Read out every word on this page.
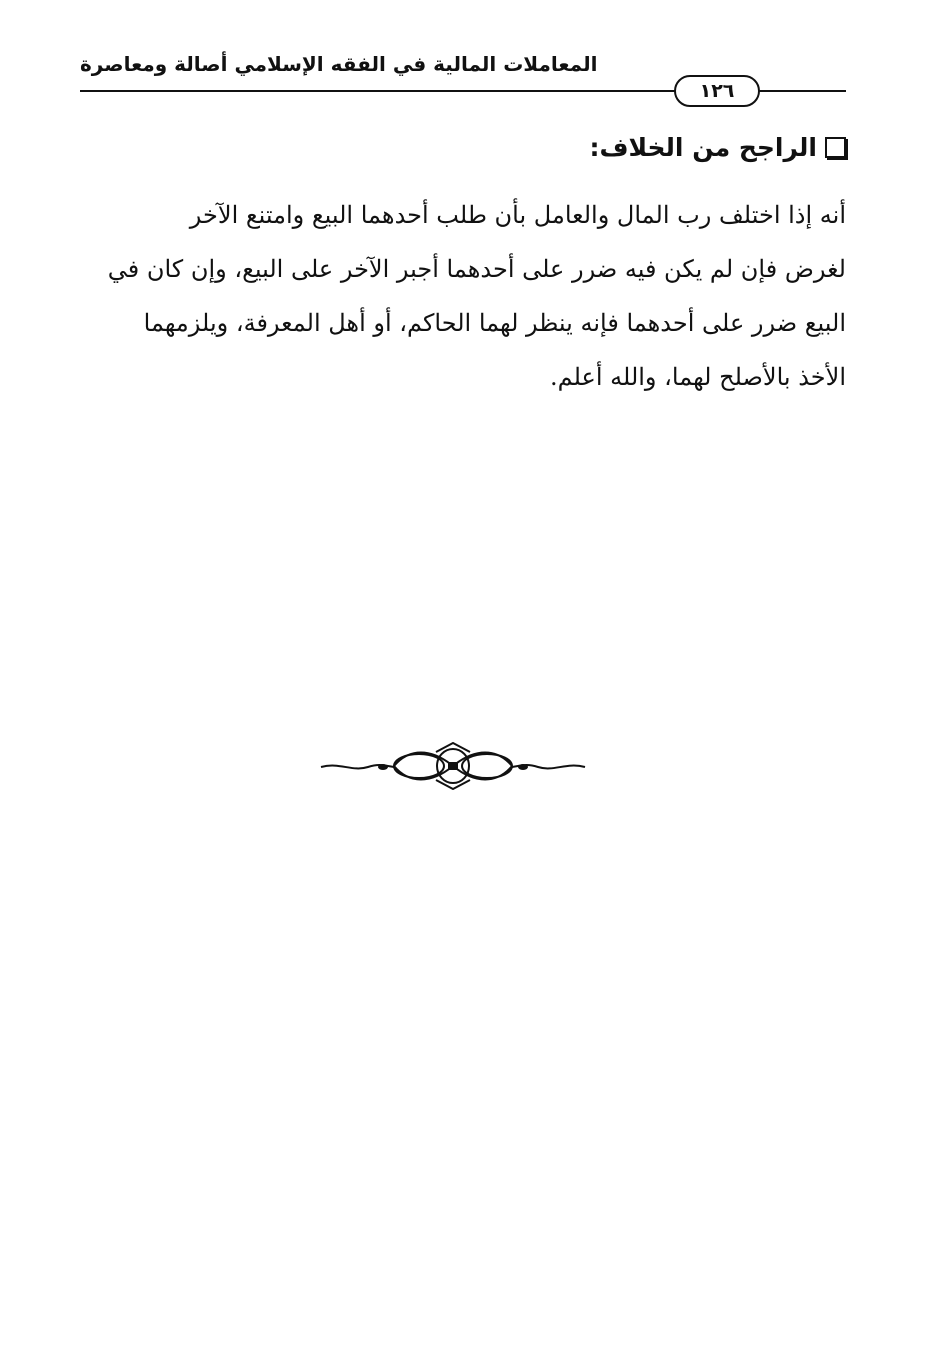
المعاملات المالية في الفقه الإسلامي أصالة ومعاصرة
١٢٦
الراجح من الخلاف:
أنه إذا اختلف رب المال والعامل بأن طلب أحدهما البيع وامتنع الآخر
لغرض فإن لم يكن فيه ضرر على أحدهما أجبر الآخر على البيع، وإن كان في
البيع ضرر على أحدهما فإنه ينظر لهما الحاكم، أو أهل المعرفة، ويلزمهما
الأخذ بالأصلح لهما، والله أعلم.
